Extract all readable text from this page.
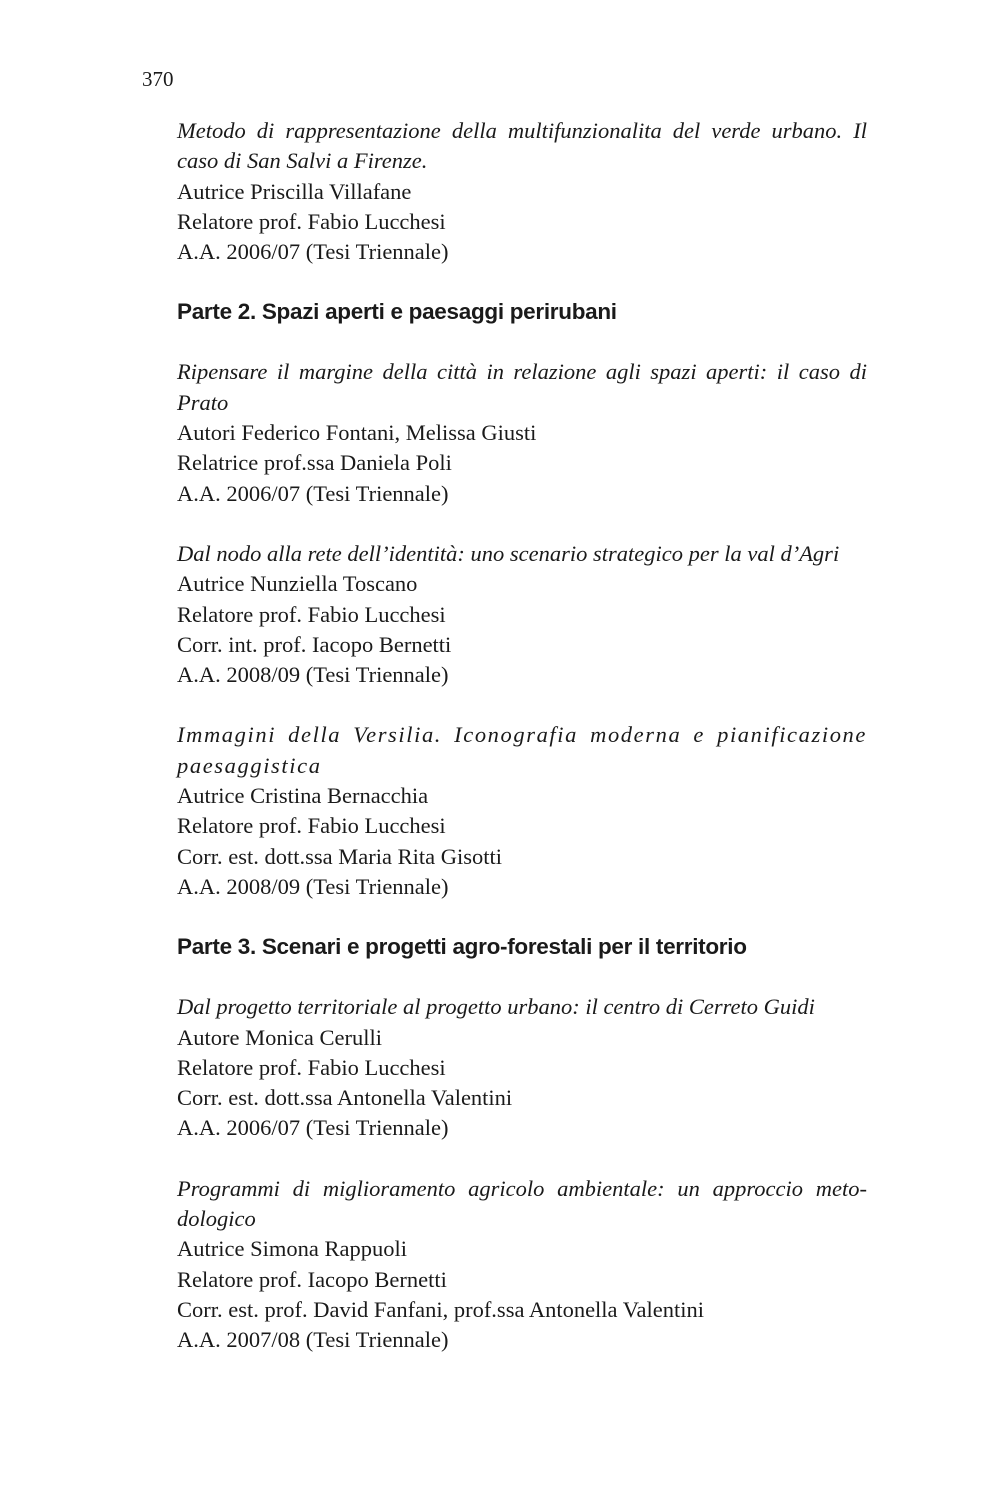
370
Metodo di rappresentazione della multifunzionalita del verde urbano. Il caso di San Salvi a Firenze.
Autrice Priscilla Villafane
Relatore prof. Fabio Lucchesi
A.A. 2006/07 (Tesi Triennale)
Parte 2. Spazi aperti e paesaggi perirubani
Ripensare il margine della città in relazione agli spazi aperti: il caso di Prato
Autori Federico Fontani, Melissa Giusti
Relatrice prof.ssa Daniela Poli
A.A. 2006/07 (Tesi Triennale)
Dal nodo alla rete dell’identità: uno scenario strategico per la val d’Agri
Autrice Nunziella Toscano
Relatore prof. Fabio Lucchesi
Corr. int. prof. Iacopo Bernetti
A.A. 2008/09 (Tesi Triennale)
Immagini della Versilia. Iconografia moderna e pianificazione paesaggistica
Autrice Cristina Bernacchia
Relatore prof. Fabio Lucchesi
Corr. est. dott.ssa Maria Rita Gisotti
A.A. 2008/09 (Tesi Triennale)
Parte 3. Scenari e progetti agro-forestali per il territorio
Dal progetto territoriale al progetto urbano: il centro di Cerreto Guidi
Autore Monica Cerulli
Relatore prof. Fabio Lucchesi
Corr. est. dott.ssa Antonella Valentini
A.A. 2006/07 (Tesi Triennale)
Programmi di miglioramento agricolo ambientale: un approccio meto-dologico
Autrice Simona Rappuoli
Relatore prof. Iacopo Bernetti
Corr. est. prof. David Fanfani, prof.ssa Antonella Valentini
A.A. 2007/08 (Tesi Triennale)
